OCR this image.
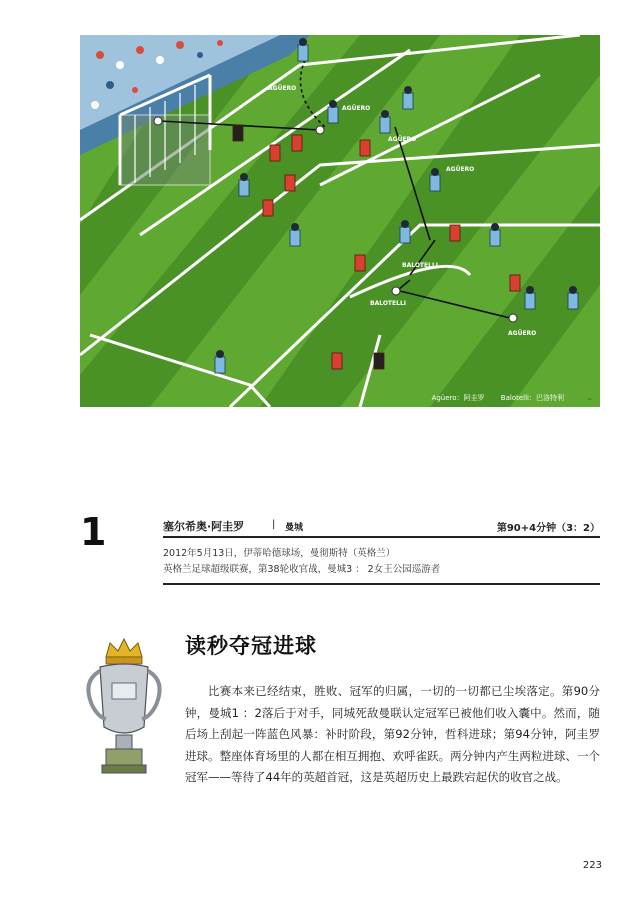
AGÜERO
AGÜERO
AGÜERO
AGÜERO
AGÜERO
BALOTELLI
BALOTELLI
Agüero：阿圭罗 Balotelli：巴洛特利	~
1	塞尔希奥·阿圭罗	| 曼城	第90+4分钟（3：2）
2012年5月13日，伊蒂哈德球场，曼彻斯特（英格兰）
英格兰足球超级联赛，第38轮收官战，曼城3 ： 2女王公园巡游者
读秒夺冠进球
比赛本来已经结束，胜败、冠军的归属，一切的一切都已尘埃落定。第90分钟，曼城1 ：2落后于对手，同城死敌曼联认定冠军已被他们收入囊中。然而，随后场上刮起一阵蓝色风暴：补时阶段，第92分钟，哲科进球；第94分钟，阿圭罗进球。整座体育场里的人都在相互拥抱、欢呼雀跃。两分钟内产生两粒进球、一个冠军——等待了44年的英超首冠，这是英超历史上最跌宕起伏的收官之战。
223
